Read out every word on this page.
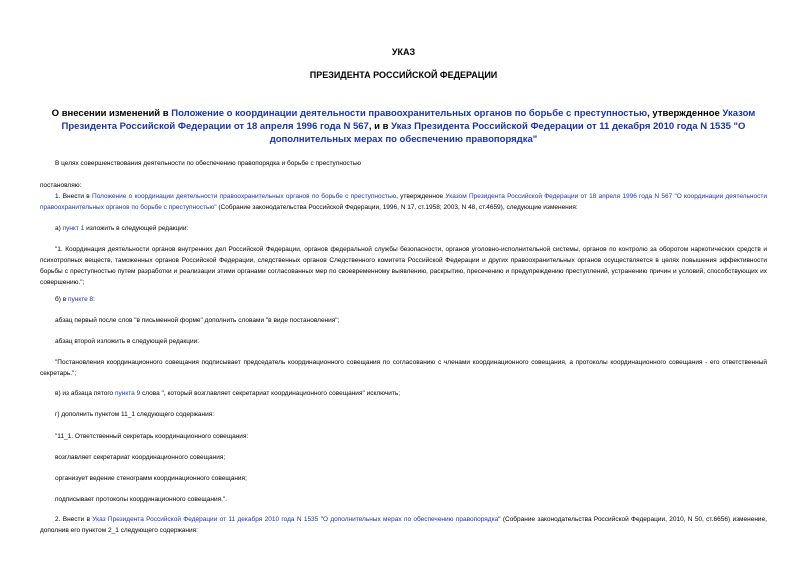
УКАЗ
ПРЕЗИДЕНТА РОССИЙСКОЙ ФЕДЕРАЦИИ
О внесении изменений в Положение о координации деятельности правоохранительных органов по борьбе с преступностью, утвержденное Указом Президента Российской Федерации от 18 апреля 1996 года N 567, и в Указ Президента Российской Федерации от 11 декабря 2010 года N 1535 "О дополнительных мерах по обеспечению правопорядка"
В целях совершенствования деятельности по обеспечению правопорядка и борьбе с преступностью
постановляю:
1. Внести в Положение о координации деятельности правоохранительных органов по борьбе с преступностью, утвержденное Указом Президента Российской Федерации от 18 апреля 1996 года N 567 "О координации деятельности правоохранительных органов по борьбе с преступностью" (Собрание законодательства Российской Федерации, 1996, N 17, ст.1958; 2003, N 48, ст.4659), следующие изменения:
а) пункт 1 изложить в следующей редакции:
"1. Координация деятельности органов внутренних дел Российской Федерации, органов федеральной службы безопасности, органов уголовно-исполнительной системы, органов по контролю за оборотом наркотических средств и психотропных веществ, таможенных органов Российской Федерации, следственных органов Следственного комитета Российской Федерации и других правоохранительных органов осуществляется в целях повышения эффективности борьбы с преступностью путем разработки и реализации этими органами согласованных мер по своевременному выявлению, раскрытию, пресечению и предупреждению преступлений, устранению причин и условий, способствующих их совершению.";
б) в пункте 8:
абзац первый после слов "в письменной форме" дополнить словами "в виде постановления";
абзац второй изложить в следующей редакции:
"Постановления координационного совещания подписывает председатель координационного совещания по согласованию с членами координационного совещания, а протоколы координационного совещания - его ответственный секретарь.";
в) из абзаца пятого пункта 9 слова ", который возглавляет секретариат координационного совещания" исключить;
г) дополнить пунктом 11_1 следующего содержания:
"11_1. Ответственный секретарь координационного совещания:
возглавляет секретариат координационного совещания;
организует ведение стенограмм координационного совещания;
подписывает протоколы координационного совещания.".
2. Внести в Указ Президента Российской Федерации от 11 декабря 2010 года N 1535 "О дополнительных мерах по обеспечению правопорядка" (Собрание законодательства Российской Федерации, 2010, N 50, ст.6656) изменение, дополнив его пунктом 2_1 следующего содержания:
